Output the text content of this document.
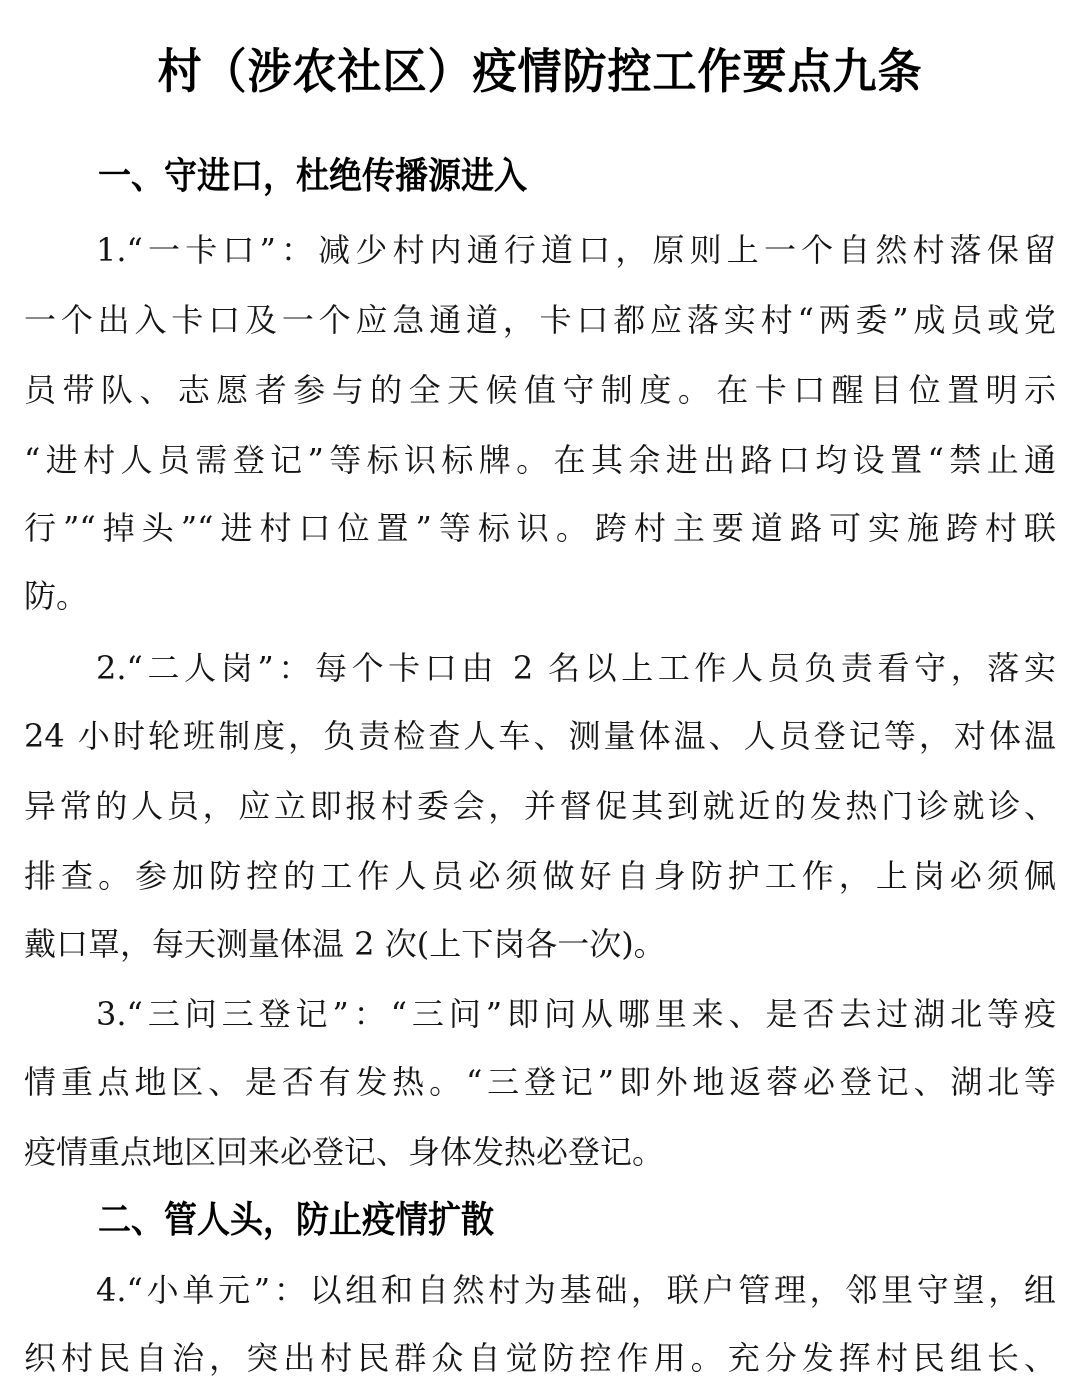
村（涉农社区）疫情防控工作要点九条
一、守进口，杜绝传播源进入
1.“一卡口”：减少村内通行道口，原则上一个自然村落保留
一个出入卡口及一个应急通道，卡口都应落实村“两委”成员或党
员带队、志愿者参与的全天候值守制度。在卡口醒目位置明示
“进村人员需登记”等标识标牌。在其余进出路口均设置“禁止通
行”“掉头”“进村口位置”等标识。跨村主要道路可实施跨村联
防。
2.“二人岗”：每个卡口由 2 名以上工作人员负责看守，落实
24 小时轮班制度，负责检查人车、测量体温、人员登记等，对体温
异常的人员，应立即报村委会，并督促其到就近的发热门诊就诊、
排查。参加防控的工作人员必须做好自身防护工作，上岗必须佩
戴口罩，每天测量体温 2 次(上下岗各一次)。
3.“三问三登记”：“三问”即问从哪里来、是否去过湖北等疫
情重点地区、是否有发热。“三登记”即外地返蓉必登记、湖北等
疫情重点地区回来必登记、身体发热必登记。
二、管人头，防止疫情扩散
4.“小单元”：以组和自然村为基础，联户管理，邻里守望，组
织村民自治，突出村民群众自觉防控作用。充分发挥村民组长、
